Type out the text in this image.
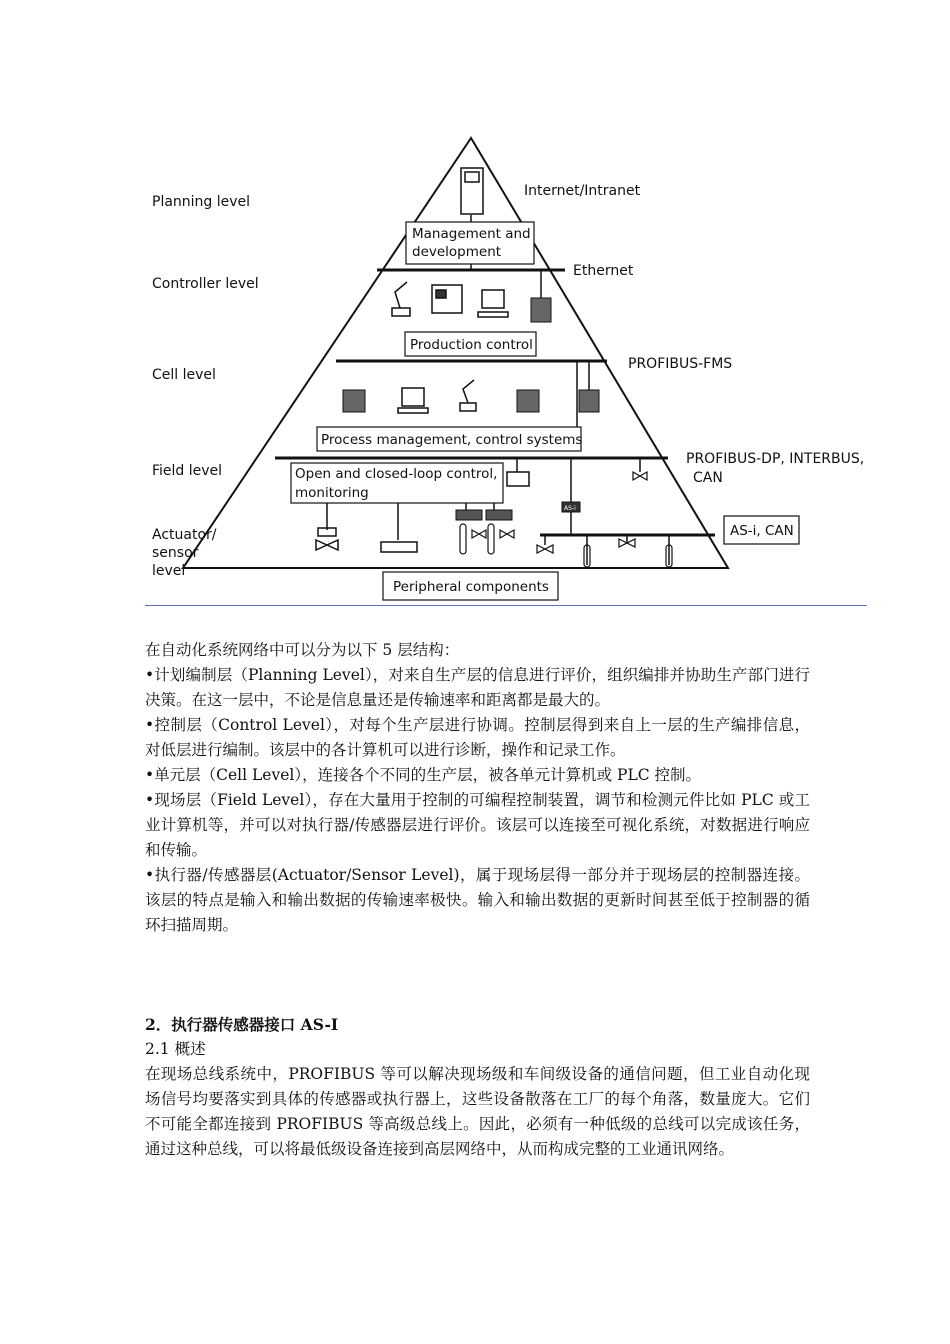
Management and
development
Production control
Process management, control systems
Open and closed-loop control,
monitoring
Peripheral components
AS-i, CAN
AS-i
Planning level
Controller level
Cell level
Field level
Actuator/
sensor
level
Internet/Intranet
Ethernet
PROFIBUS-FMS
PROFIBUS-DP, INTERBUS,
CAN

在自动化系统网络中可以分为以下 5 层结构：

•计划编制层（Planning Level），对来自生产层的信息进行评价，组织编排并协助生产部门进行决策。在这一层中，不论是信息量还是传输速率和距离都是最大的。

•控制层（Control Level），对每个生产层进行协调。控制层得到来自上一层的生产编排信息，对低层进行编制。该层中的各计算机可以进行诊断，操作和记录工作。

•单元层（Cell Level），连接各个不同的生产层，被各单元计算机或 PLC 控制。

•现场层（Field Level），存在大量用于控制的可编程控制装置，调节和检测元件比如 PLC 或工业计算机等，并可以对执行器/传感器层进行评价。该层可以连接至可视化系统，对数据进行响应和传输。

•执行器/传感器层(Actuator/Sensor Level)，属于现场层得一部分并于现场层的控制器连接。该层的特点是输入和输出数据的传输速率极快。输入和输出数据的更新时间甚至低于控制器的循环扫描周期。

2．执行器传感器接口 AS-I

2.1 概述

在现场总线系统中，PROFIBUS 等可以解决现场级和车间级设备的通信问题，但工业自动化现场信号均要落实到具体的传感器或执行器上，这些设备散落在工厂的每个角落，数量庞大。它们不可能全都连接到 PROFIBUS 等高级总线上。因此，必须有一种低级的总线可以完成该任务，通过这种总线，可以将最低级设备连接到高层网络中，从而构成完整的工业通讯网络。
